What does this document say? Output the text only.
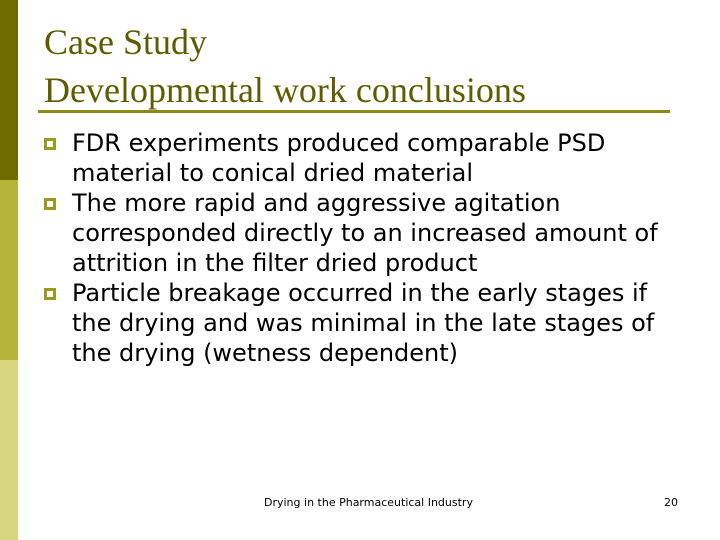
Case Study
Developmental work conclusions
FDR experiments produced comparable PSD material to conical dried material
The more rapid and aggressive agitation corresponded directly to an increased amount of attrition in the filter dried product
Particle breakage occurred in the early stages if the drying and was minimal in the late stages of the drying (wetness dependent)
Drying in the Pharmaceutical Industry	20
